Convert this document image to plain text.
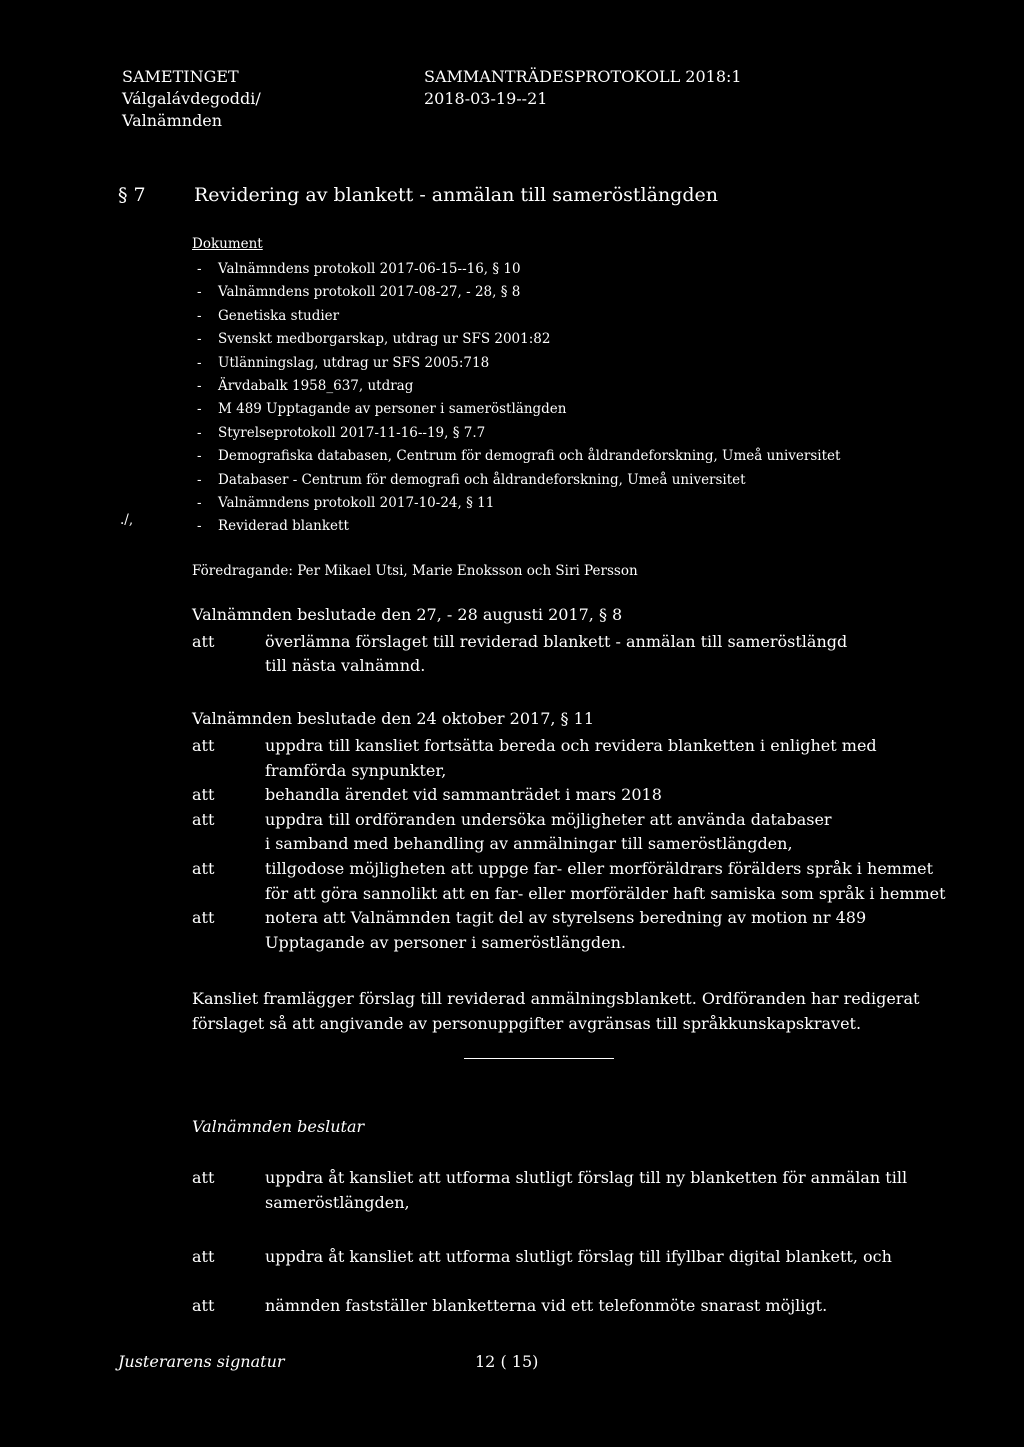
SAMETINGET
Válgalávdegoddi/
Valnämnden
SAMMANTRÄDESPROTOKOLL 2018:1
2018-03-19--21
§ 7	Revidering av blankett - anmälan till sameröstlängden
Dokument
- Valnämndens protokoll 2017-06-15--16, § 10
- Valnämndens protokoll 2017-08-27, - 28, § 8
- Genetiska studier
- Svenskt medborgarskap, utdrag ur SFS 2001:82
- Utlänningslag, utdrag ur SFS 2005:718
- Ärvdabalk 1958_637, utdrag
- M 489 Upptagande av personer i sameröstlängden
- Styrelseprotokoll 2017-11-16--19, § 7.7
- Demografiska databasen, Centrum för demografi och åldrandeforskning, Umeå universitet
- Databaser - Centrum för demografi och åldrandeforskning, Umeå universitet
- Valnämndens protokoll 2017-10-24, § 11
- Reviderad blankett
./,
Föredragande: Per Mikael Utsi, Marie Enoksson och Siri Persson
Valnämnden beslutade den 27, - 28 augusti 2017, § 8
att	överlämna förslaget till reviderad blankett - anmälan till sameröstlängd
till nästa valnämnd.
Valnämnden beslutade den 24 oktober 2017, § 11
att	uppdra till kansliet fortsätta bereda och revidera blanketten i enlighet med
framförda synpunkter,
att	behandla ärendet vid sammanträdet i mars 2018
att	uppdra till ordföranden undersöka möjligheter att använda databaser
i samband med behandling av anmälningar till sameröstlängden,
att	tillgodose möjligheten att uppge far- eller morföräldrars förälders språk i hemmet
för att göra sannolikt att en far- eller morförälder haft samiska som språk i hemmet
att	notera att Valnämnden tagit del av styrelsens beredning av motion nr 489
Upptagande av personer i sameröstlängden.
Kansliet framlägger förslag till reviderad anmälningsblankett. Ordföranden har redigerat
förslaget så att angivande av personuppgifter avgränsas till språkkunskapskravet.
Valnämnden beslutar
att	uppdra åt kansliet att utforma slutligt förslag till ny blanketten för anmälan till
sameröstlängden,
att	uppdra åt kansliet att utforma slutligt förslag till ifyllbar digital blankett, och
att	nämnden fastställer blanketterna vid ett telefonmöte snarast möjligt.
Justerarens signatur	12 ( 15)
